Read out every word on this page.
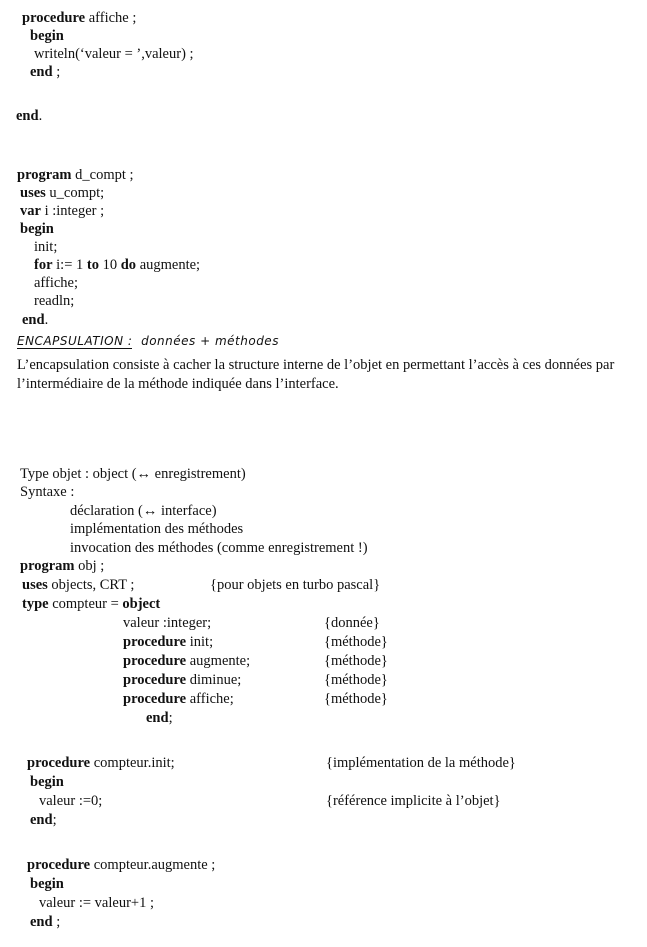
procedure affiche ;
begin
writeln(‘valeur = ’,valeur) ;
end ;
end.
program d_compt ;
uses u_compt;
var i :integer ;
begin
init;
for i:= 1 to 10 do augmente;
affiche;
readln;
end.
ENCAPSULATION : données + méthodes
L’encapsulation consiste à cacher la structure interne de l’objet en permettant l’accès à ces données par l’intermédiaire de la méthode indiquée dans l’interface.
Type objet : object (↔ enregistrement)
Syntaxe :
déclaration (↔ interface)
implémentation des méthodes
invocation des méthodes (comme enregistrement !)
program obj ;
uses objects, CRT ;	{pour objets en turbo pascal}
type compteur = object
valeur :integer;	{donnée}
procedure init;	{méthode}
procedure augmente;	{méthode}
procedure diminue;	{méthode}
procedure affiche;	{méthode}
end;
procedure compteur.init;	{implémentation de la méthode}
begin
valeur :=0;	{référence implicite à l’objet}
end;
procedure compteur.augmente ;
begin
valeur := valeur+1 ;
end ;
